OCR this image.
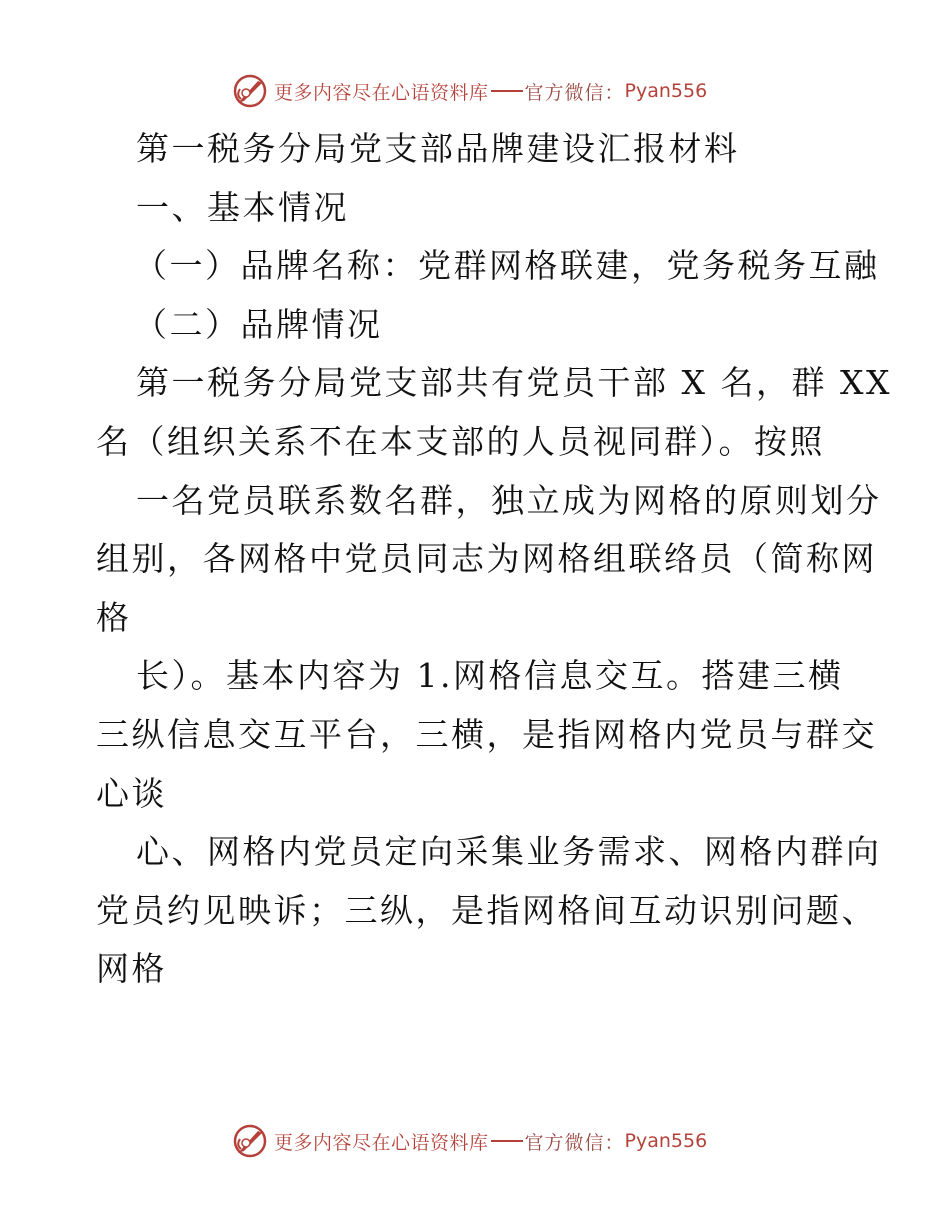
更多内容尽在心语资料库 官方微信： Pyan556
第一税务分局党支部品牌建设汇报材料
一、基本情况
（一）品牌名称：党群网格联建，党务税务互融
（二）品牌情况
第一税务分局党支部共有党员干部 X 名，群 XX
名（组织关系不在本支部的人员视同群）。按照
一名党员联系数名群，独立成为网格的原则划分
组别，各网格中党员同志为网格组联络员（简称网
格
长）。基本内容为 1.网格信息交互。搭建三横
三纵信息交互平台，三横，是指网格内党员与群交
心谈
心、网格内党员定向采集业务需求、网格内群向
党员约见映诉；三纵，是指网格间互动识别问题、
网格
更多内容尽在心语资料库 官方微信： Pyan556
